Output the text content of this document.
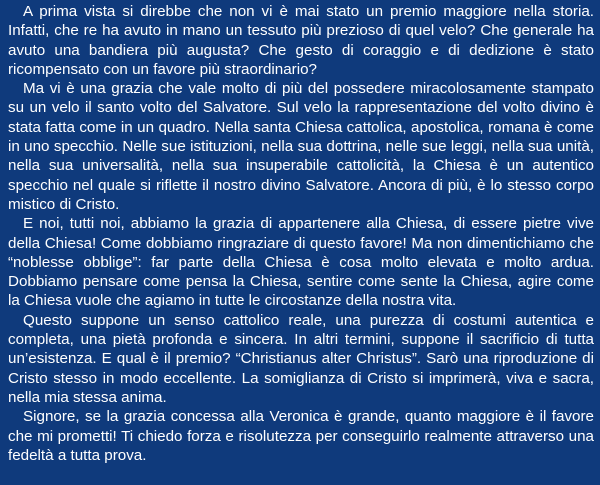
A prima vista si direbbe che non vi è mai stato un premio maggiore nella storia. Infatti, che re ha avuto in mano un tessuto più prezioso di quel velo? Che generale ha avuto una bandiera più augusta? Che gesto di coraggio e di dedizione è stato ricompensato con un favore più straordinario?

Ma vi è una grazia che vale molto di più del possedere miracolosamente stampato su un velo il santo volto del Salvatore. Sul velo la rappresentazione del volto divino è stata fatta come in un quadro. Nella santa Chiesa cattolica, apostolica, romana è come in uno specchio. Nelle sue istituzioni, nella sua dottrina, nelle sue leggi, nella sua unità, nella sua universalità, nella sua insuperabile cattolicità, la Chiesa è un autentico specchio nel quale si riflette il nostro divino Salvatore. Ancora di più, è lo stesso corpo mistico di Cristo.

E noi, tutti noi, abbiamo la grazia di appartenere alla Chiesa, di essere pietre vive della Chiesa! Come dobbiamo ringraziare di questo favore! Ma non dimentichiamo che “noblesse obblige”: far parte della Chiesa è cosa molto elevata e molto ardua. Dobbiamo pensare come pensa la Chiesa, sentire come sente la Chiesa, agire come la Chiesa vuole che agiamo in tutte le circostanze della nostra vita.

Questo suppone un senso cattolico reale, una purezza di costumi autentica e completa, una pietà profonda e sincera. In altri termini, suppone il sacrificio di tutta un’esistenza. E qual è il premio? “Christianus alter Christus”. Sarò una riproduzione di Cristo stesso in modo eccellente. La somiglianza di Cristo si imprimerà, viva e sacra, nella mia stessa anima.

Signore, se la grazia concessa alla Veronica è grande, quanto maggiore è il favore che mi prometti! Ti chiedo forza e risolutezza per conseguirlo realmente attraverso una fedeltà a tutta prova.
